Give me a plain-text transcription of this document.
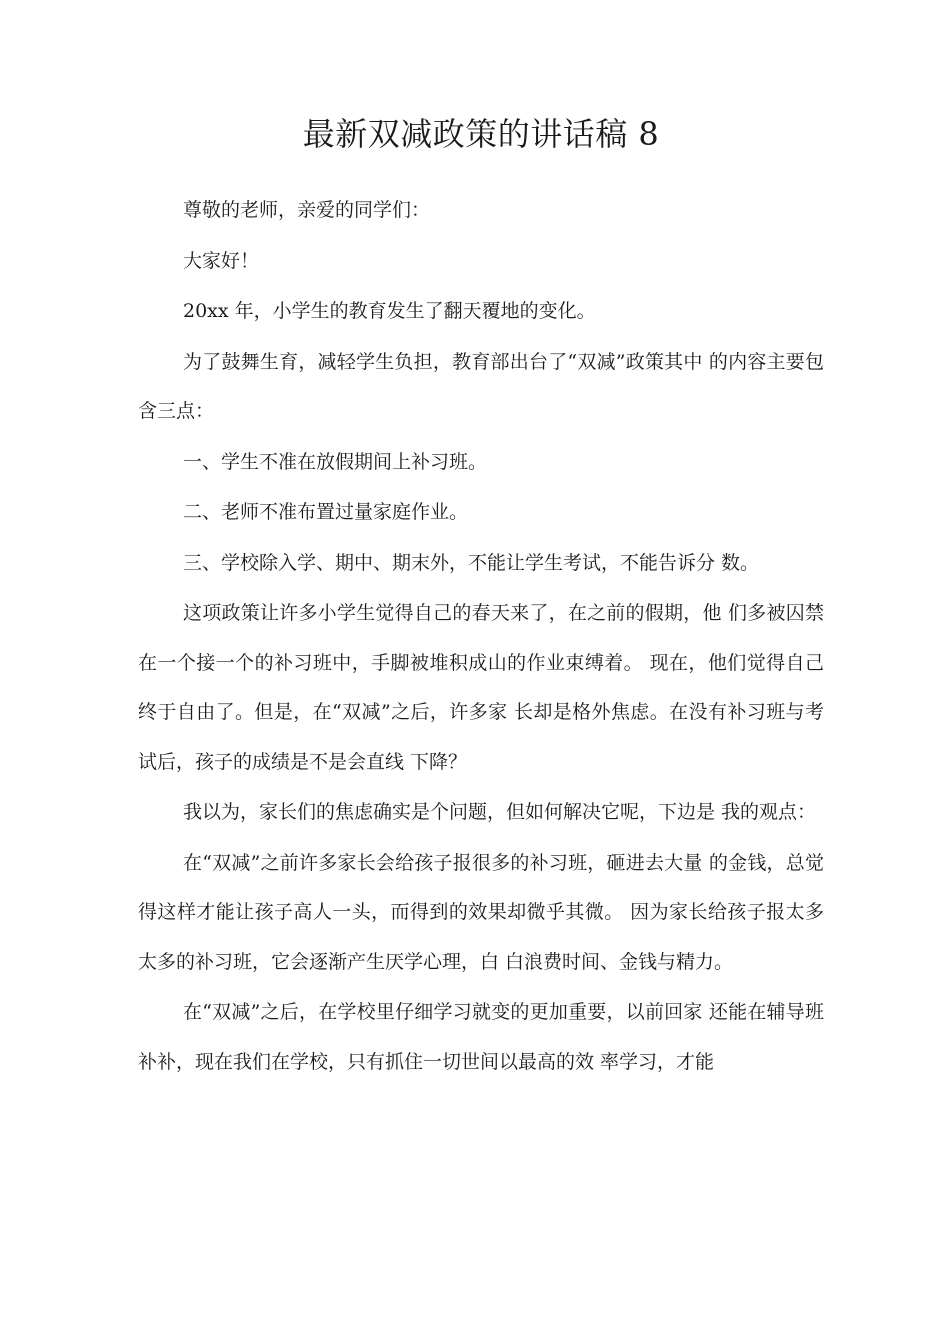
最新双减政策的讲话稿 8

尊敬的老师，亲爱的同学们：

大家好！

20xx 年，小学生的教育发生了翻天覆地的变化。

为了鼓舞生育，减轻学生负担，教育部出台了“双减”政策其中 的内容主要包含三点：

一、学生不准在放假期间上补习班。

二、老师不准布置过量家庭作业。

三、学校除入学、期中、期末外，不能让学生考试，不能告诉分 数。

这项政策让许多小学生觉得自己的春天来了，在之前的假期，他 们多被囚禁在一个接一个的补习班中，手脚被堆积成山的作业束缚着。 现在，他们觉得自己终于自由了。但是，在“双减”之后，许多家 长却是格外焦虑。在没有补习班与考试后，孩子的成绩是不是会直线 下降？

我以为，家长们的焦虑确实是个问题，但如何解决它呢，下边是 我的观点：

在“双减”之前许多家长会给孩子报很多的补习班，砸进去大量 的金钱，总觉得这样才能让孩子高人一头，而得到的效果却微乎其微。 因为家长给孩子报太多太多的补习班，它会逐渐产生厌学心理，白 白浪费时间、金钱与精力。

在“双减”之后，在学校里仔细学习就变的更加重要，以前回家 还能在辅导班补补，现在我们在学校，只有抓住一切世间以最高的效 率学习，才能
